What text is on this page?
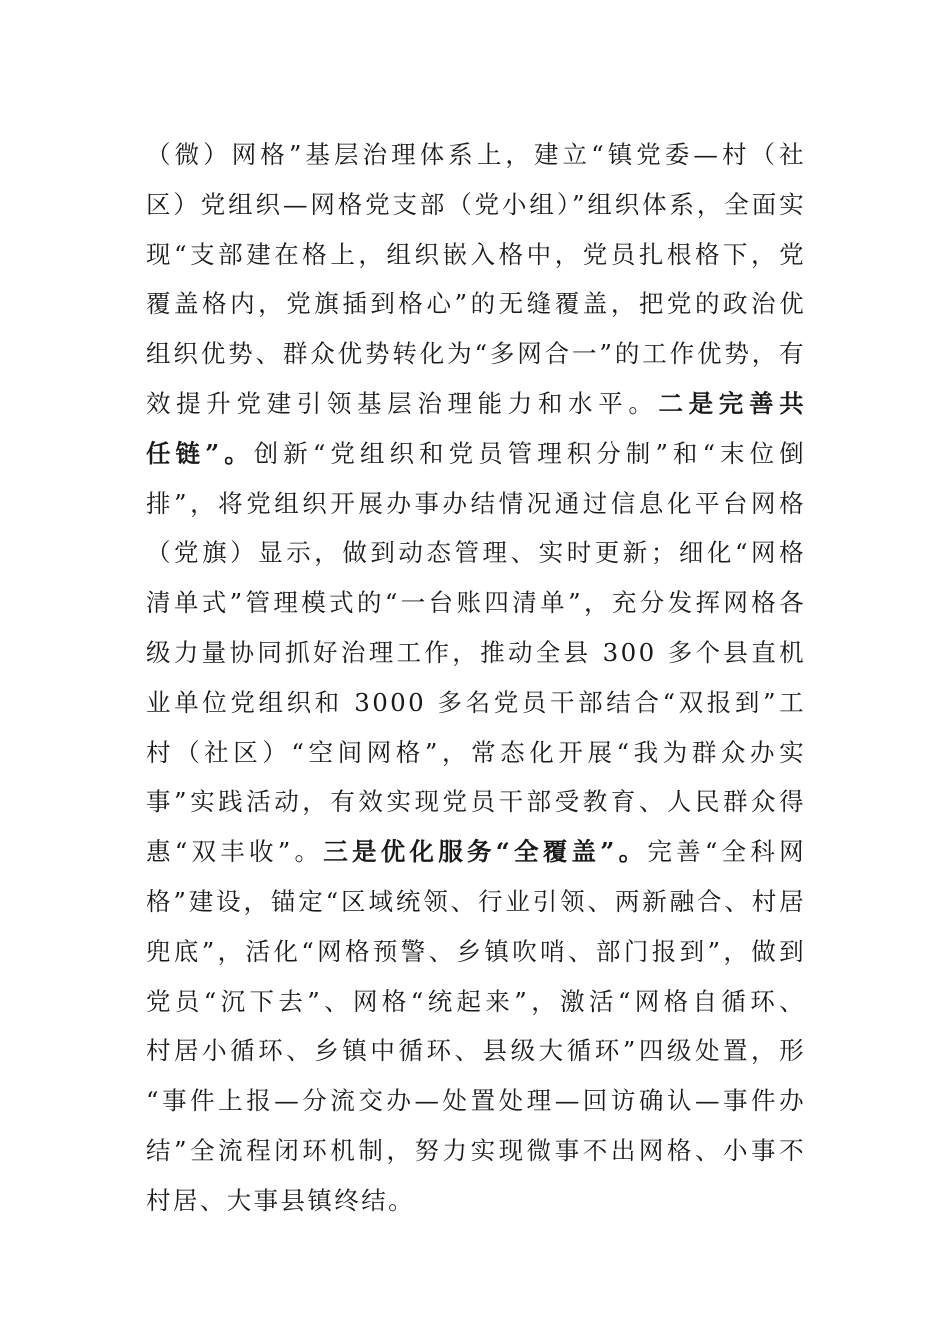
（微）网格”基层治理体系上，建立“镇党委—村（社
区）党组织—网格党支部（党小组）”组织体系，全面实
现“支部建在格上，组织嵌入格中，党员扎根格下，党
覆盖格内，党旗插到格心”的无缝覆盖，把党的政治优
组织优势、群众优势转化为“多网合一”的工作优势，有
效提升党建引领基层治理能力和水平。二是完善共
任链”。创新“党组织和党员管理积分制”和“末位倒
排”，将党组织开展办事办结情况通过信息化平台网格
（党旗）显示，做到动态管理、实时更新；细化“网格
清单式”管理模式的“一台账四清单”，充分发挥网格各
级力量协同抓好治理工作，推动全县 300 多个县直机
业单位党组织和 3000 多名党员干部结合“双报到”工
村（社区）“空间网格”，常态化开展“我为群众办实
事”实践活动，有效实现党员干部受教育、人民群众得
惠“双丰收”。三是优化服务“全覆盖”。完善“全科网
格”建设，锚定“区域统领、行业引领、两新融合、村居
兜底”，活化“网格预警、乡镇吹哨、部门报到”，做到
党员“沉下去”、网格“统起来”，激活“网格自循环、
村居小循环、乡镇中循环、县级大循环”四级处置，形
“事件上报—分流交办—处置处理—回访确认—事件办
结”全流程闭环机制，努力实现微事不出网格、小事不
村居、大事县镇终结。
